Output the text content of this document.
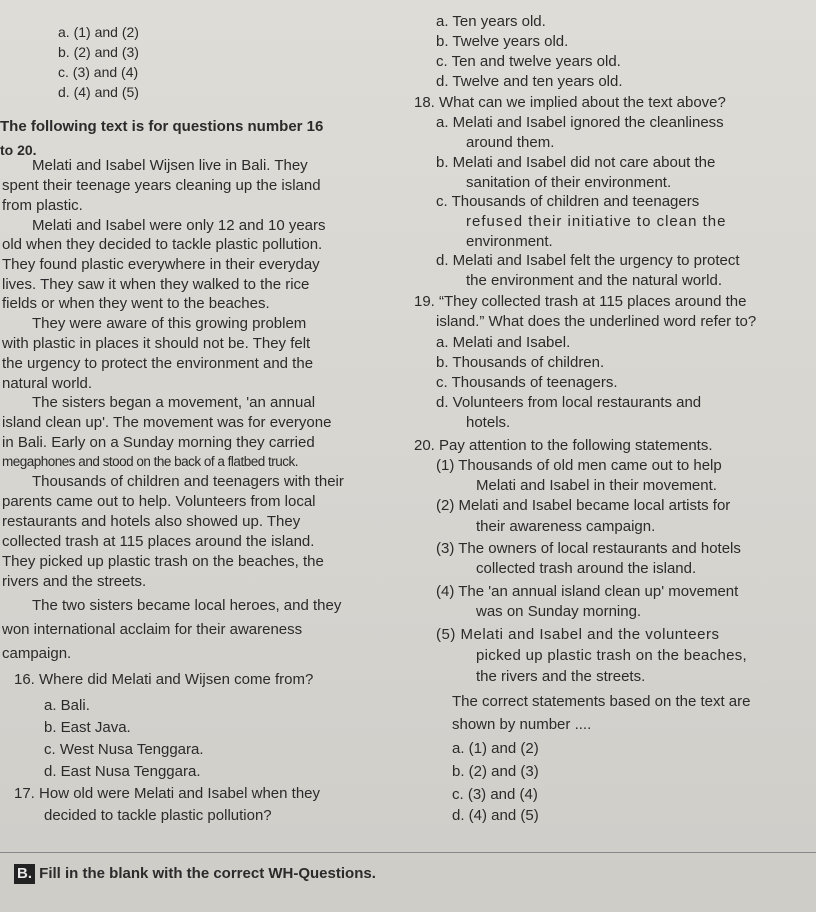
a. (1) and (2)
b. (2) and (3)
c. (3) and (4)
d. (4) and (5)
The following text is for questions number 16
to 20.
Melati and Isabel Wijsen live in Bali. They
spent their teenage years cleaning up the island
from plastic.
Melati and Isabel were only 12 and 10 years
old when they decided to tackle plastic pollution.
They found plastic everywhere in their everyday
lives. They saw it when they walked to the rice
fields or when they went to the beaches.
They were aware of this growing problem
with plastic in places it should not be. They felt
the urgency to protect the environment and the
natural world.
The sisters began a movement, 'an annual
island clean up'. The movement was for everyone
in Bali. Early on a Sunday morning they carried
megaphones and stood on the back of a flatbed truck.
Thousands of children and teenagers with their
parents came out to help. Volunteers from local
restaurants and hotels also showed up. They
collected trash at 115 places around the island.
They picked up plastic trash on the beaches, the
rivers and the streets.
The two sisters became local heroes, and they
won international acclaim for their awareness
campaign.
16. Where did Melati and Wijsen come from?
a. Bali.
b. East Java.
c. West Nusa Tenggara.
d. East Nusa Tenggara.
17. How old were Melati and Isabel when they
decided to tackle plastic pollution?
a. Ten years old.
b. Twelve years old.
c. Ten and twelve years old.
d. Twelve and ten years old.
18. What can we implied about the text above?
a. Melati and Isabel ignored the cleanliness
around them.
b. Melati and Isabel did not care about the
sanitation of their environment.
c. Thousands of children and teenagers
refused their initiative to clean the
environment.
d. Melati and Isabel felt the urgency to protect
the environment and the natural world.
19. “They collected trash at 115 places around the
island.” What does the underlined word refer to?
a. Melati and Isabel.
b. Thousands of children.
c. Thousands of teenagers.
d. Volunteers from local restaurants and
hotels.
20. Pay attention to the following statements.
(1) Thousands of old men came out to help
Melati and Isabel in their movement.
(2) Melati and Isabel became local artists for
their awareness campaign.
(3) The owners of local restaurants and hotels
collected trash around the island.
(4) The 'an annual island clean up' movement
was on Sunday morning.
(5) Melati and Isabel and the volunteers
picked up plastic trash on the beaches,
the rivers and the streets.
The correct statements based on the text are
shown by number ....
a. (1) and (2)
b. (2) and (3)
c. (3) and (4)
d. (4) and (5)
B. Fill in the blank with the correct WH-Questions.
